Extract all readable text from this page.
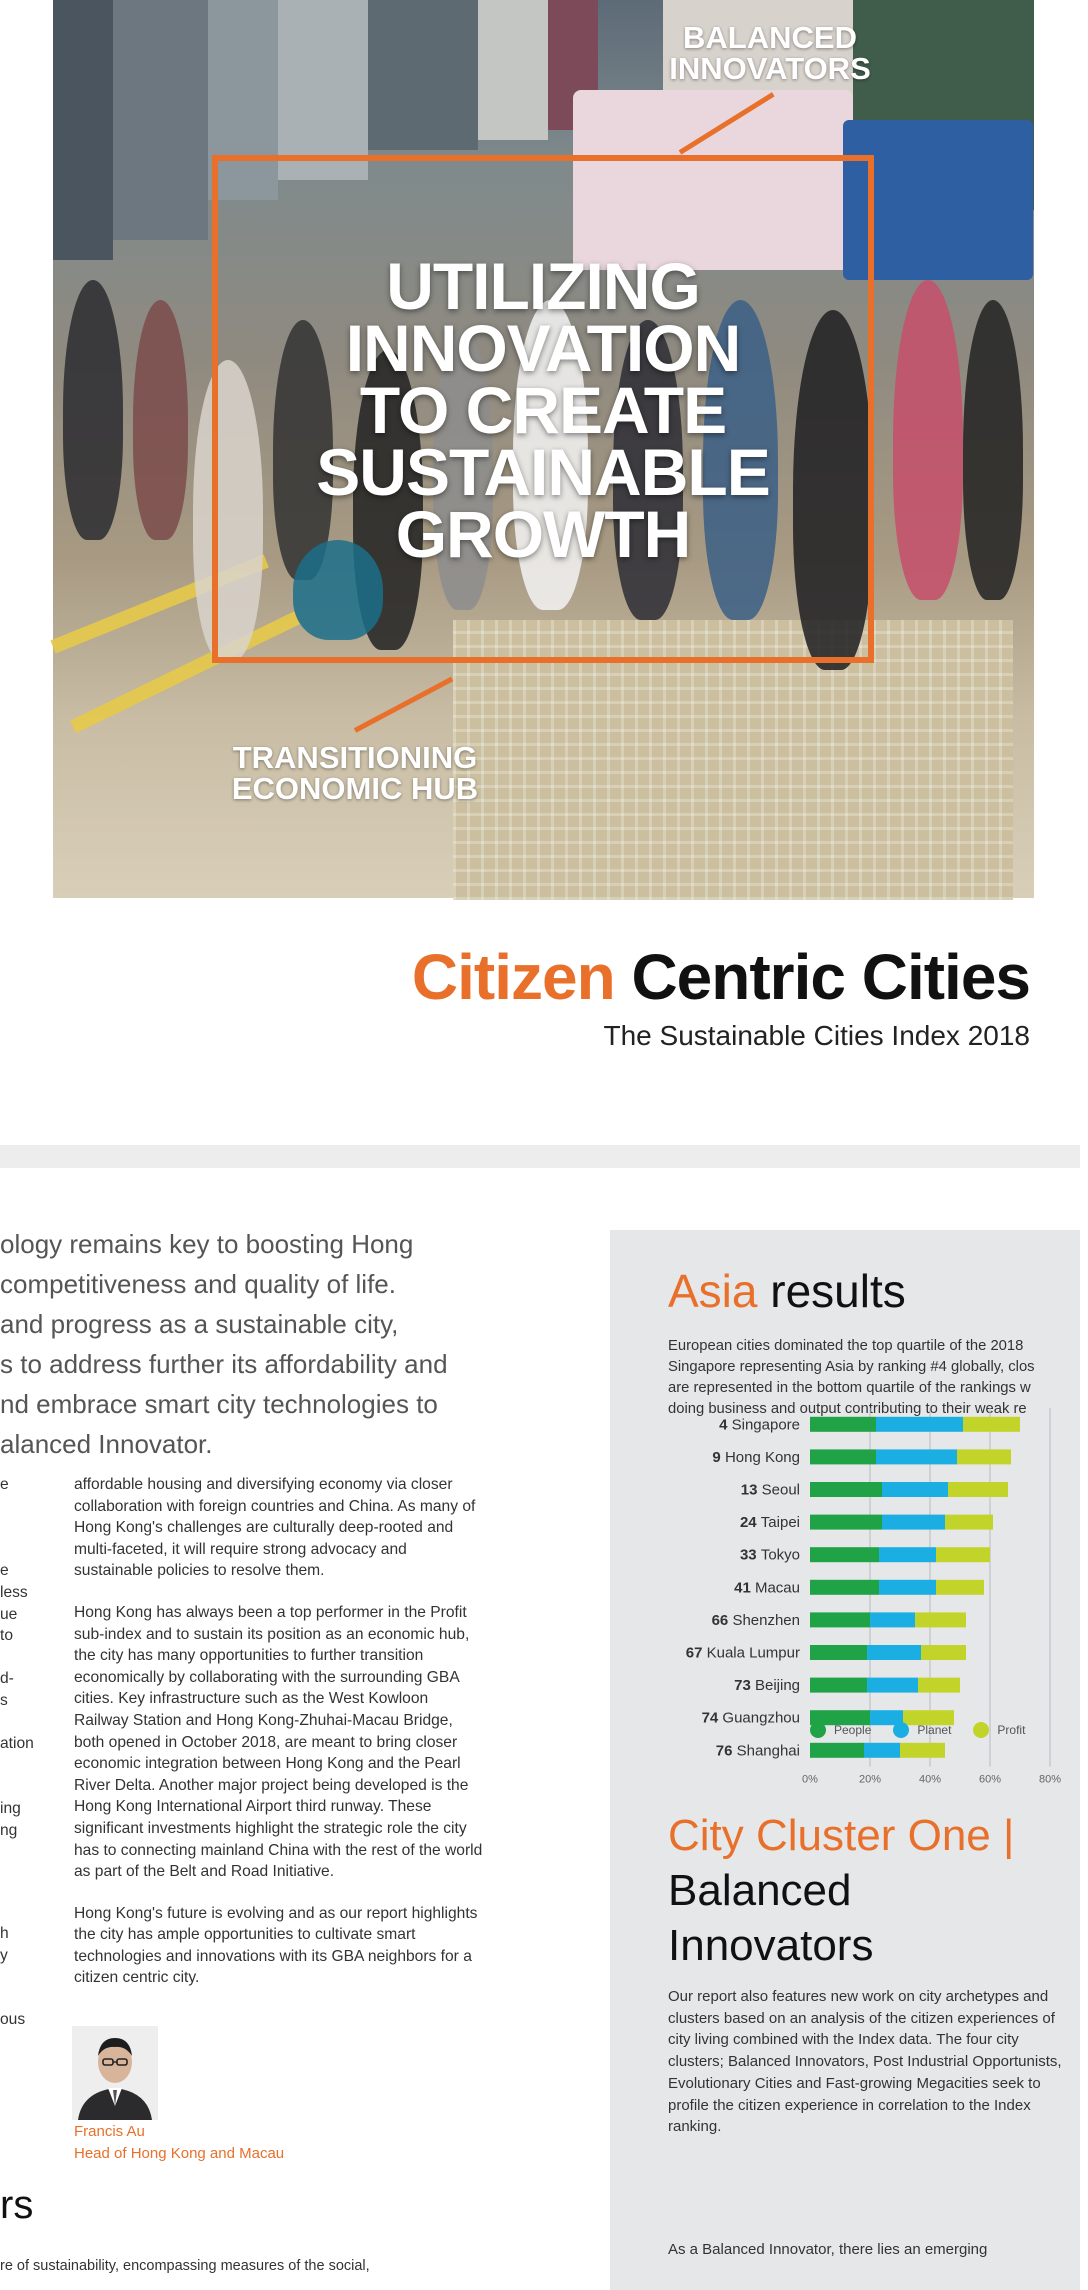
BALANCED
INNOVATORS
UTILIZING
INNOVATION
TO CREATE
SUSTAINABLE
GROWTH
TRANSITIONING
ECONOMIC HUB
Citizen Centric Cities
The Sustainable Cities Index 2018
ology remains key to boosting Hong
competitiveness and quality of life.
and progress as a sustainable city,
s to address further its affordability and
nd embrace smart city technologies to
alanced Innovator.
e
e
less
ue
to
d-
s
ation
ing
ng

affordable housing and diversifying economy via closer collaboration with foreign countries and China. As many of Hong Kong's challenges are culturally deep-rooted and multi-faceted, it will require strong advocacy and sustainable policies to resolve them.

Hong Kong has always been a top performer in the Profit sub-index and to sustain its position as an economic hub, the city has many opportunities to further transition economically by collaborating with the surrounding GBA cities. Key infrastructure such as the West Kowloon Railway Station and Hong Kong-Zhuhai-Macau Bridge, both opened in October 2018, are meant to bring closer economic integration between Hong Kong and the Pearl River Delta. Another major project being developed is the Hong Kong International Airport third runway. These significant investments highlight the strategic role the city has to connecting mainland China with the rest of the world as part of the Belt and Road Initiative.

Hong Kong's future is evolving and as our report highlights the city has ample opportunities to cultivate smart technologies and innovations with its GBA neighbors for a citizen centric city.

h
y
ous
Francis Au
Head of Hong Kong and Macau
rs
re of sustainability, encompassing measures of the social,
Asia results
European cities dominated the top quartile of the 2018
Singapore representing Asia by ranking #4 globally, clos
are represented in the bottom quartile of the rankings w
doing business and output contributing to their weak re
0%	20%	40%	60%	80%
4 Singapore
9 Hong Kong
13 Seoul
24 Taipei
33 Tokyo
41 Macau
66 Shenzhen
67 Kuala Lumpur
73 Beijing
74 Guangzhou
76 Shanghai
People	Planet	Profit
City Cluster One |
Balanced
Innovators
Our report also features new work on city archetypes and clusters based on an analysis of the citizen experiences of city living combined with the Index data. The four city clusters; Balanced Innovators, Post Industrial Opportunists, Evolutionary Cities and Fast-growing Megacities seek to profile the citizen experience in correlation to the Index ranking.
As a Balanced Innovator, there lies an emerging
